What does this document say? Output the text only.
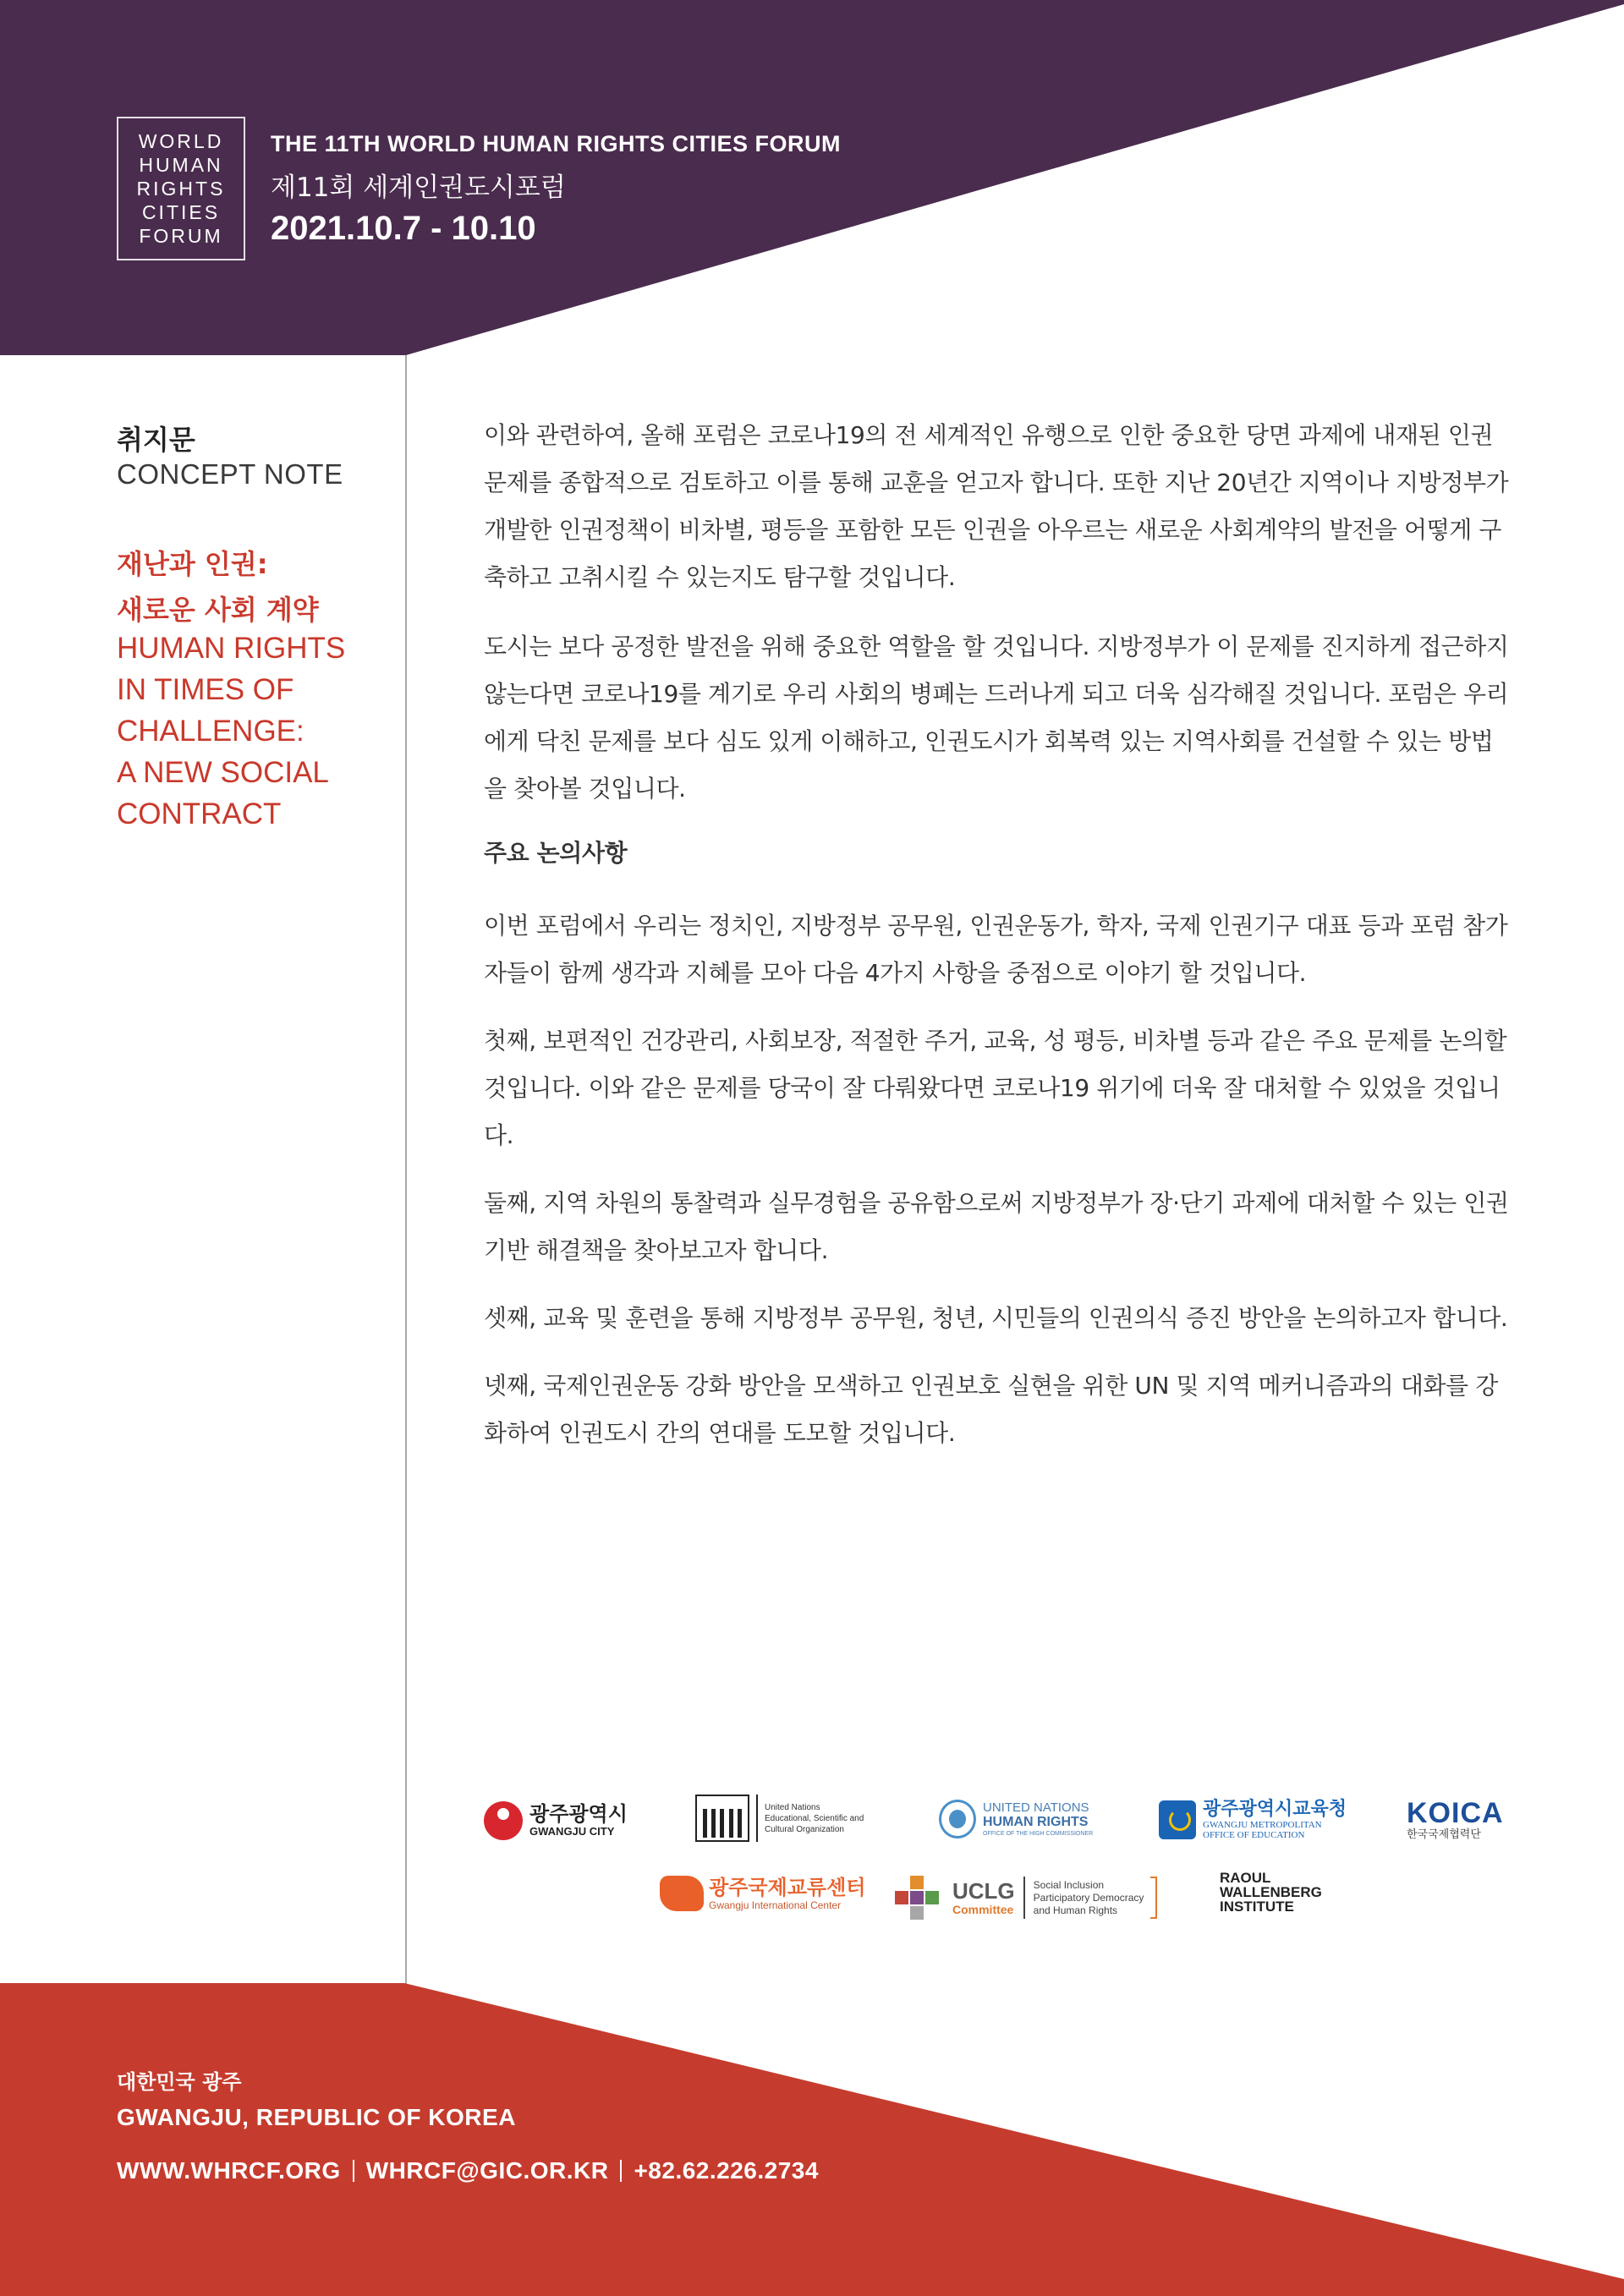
WORLD
HUMAN
RIGHTS
CITIES
FORUM
THE 11TH WORLD HUMAN RIGHTS CITIES FORUM
제11회 세계인권도시포럼
2021.10.7 - 10.10
취지문
CONCEPT NOTE
재난과 인권:
새로운 사회 계약
HUMAN RIGHTS
IN TIMES OF
CHALLENGE:
A NEW SOCIAL
CONTRACT

이와 관련하여, 올해 포럼은 코로나19의 전 세계적인 유행으로 인한 중요한 당면 과제에 내재된 인권 문제를 종합적으로 검토하고 이를 통해 교훈을 얻고자 합니다. 또한 지난 20년간 지역이나 지방정부가 개발한 인권정책이 비차별, 평등을 포함한 모든 인권을 아우르는 새로운 사회계약의 발전을 어떻게 구축하고 고취시킬 수 있는지도 탐구할 것입니다.

도시는 보다 공정한 발전을 위해 중요한 역할을 할 것입니다. 지방정부가 이 문제를 진지하게 접근하지 않는다면 코로나19를 계기로 우리 사회의 병폐는 드러나게 되고 더욱 심각해질 것입니다. 포럼은 우리에게 닥친 문제를 보다 심도 있게 이해하고, 인권도시가 회복력 있는 지역사회를 건설할 수 있는 방법을 찾아볼 것입니다.

주요 논의사항

이번 포럼에서 우리는 정치인, 지방정부 공무원, 인권운동가, 학자, 국제 인권기구 대표 등과 포럼 참가자들이 함께 생각과 지혜를 모아 다음 4가지 사항을 중점으로 이야기 할 것입니다.

첫째, 보편적인 건강관리, 사회보장, 적절한 주거, 교육, 성 평등, 비차별 등과 같은 주요 문제를 논의할 것입니다. 이와 같은 문제를 당국이 잘 다뤄왔다면 코로나19 위기에 더욱 잘 대처할 수 있었을 것입니다.

둘째, 지역 차원의 통찰력과 실무경험을 공유함으로써 지방정부가 장·단기 과제에 대처할 수 있는 인권기반 해결책을 찾아보고자 합니다.

셋째, 교육 및 훈련을 통해 지방정부 공무원, 청년, 시민들의 인권의식 증진 방안을 논의하고자 합니다.

넷째, 국제인권운동 강화 방안을 모색하고 인권보호 실현을 위한 UN 및 지역 메커니즘과의 대화를 강화하여 인권도시 간의 연대를 도모할 것입니다.

광주광역시
GWANGJU CITY
United Nations
Educational, Scientific and
Cultural Organization
UNITED NATIONS
HUMAN RIGHTS
OFFICE OF THE HIGH COMMISSIONER
광주광역시교육청
GWANGJU METROPOLITAN
OFFICE OF EDUCATION
KOICA
한국국제협력단
광주국제교류센터
Gwangju International Center
UCLG
Committee
Social Inclusion
Participatory Democracy
and Human Rights
RAOUL
WALLENBERG
INSTITUTE
대한민국 광주
GWANGJU, REPUBLIC OF KOREA
WWW.WHRCF.ORG WHRCF@GIC.OR.KR +82.62.226.2734
